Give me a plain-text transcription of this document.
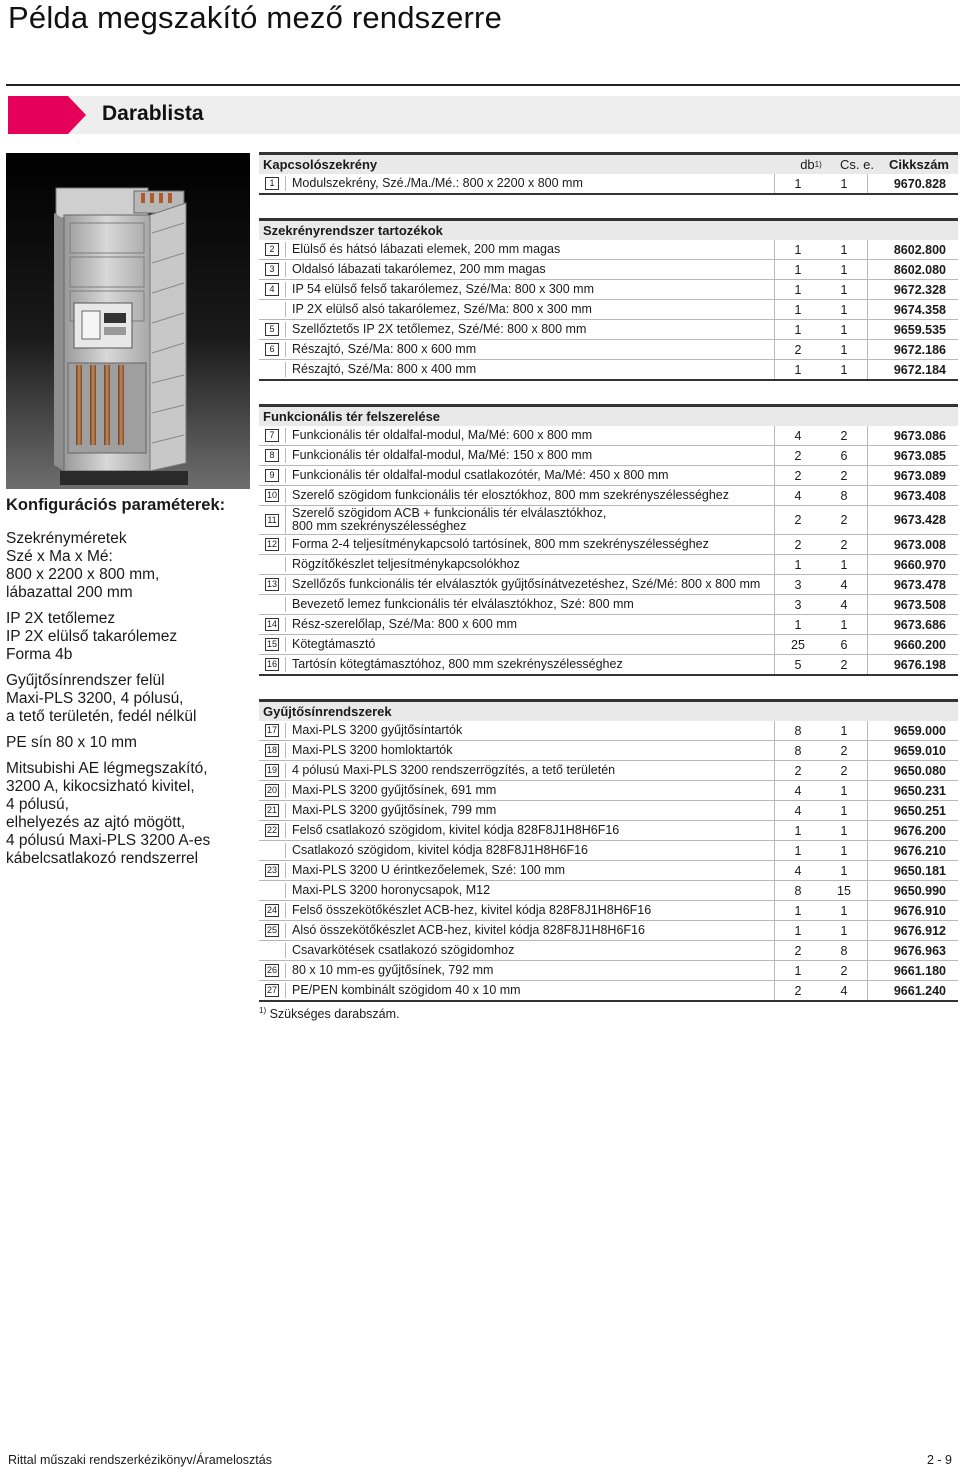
Példa megszakító mező rendszerre
Darablista
Konfigurációs paraméterek:
Szekrényméretek
Szé x Ma x Mé:
800 x 2200 x 800 mm,
lábazattal 200 mm
IP 2X tetőlemez
IP 2X elülső takarólemez
Forma 4b
Gyűjtősínrendszer felül
Maxi-PLS 3200, 4 pólusú,
a tető területén, fedél nélkül
PE sín 80 x 10 mm
Mitsubishi AE légmegszakító,
3200 A, kikocsizható kivitel,
4 pólusú,
elhelyezés az ajtó mögött,
4 pólusú Maxi-PLS 3200 A-es
kábelcsatlakozó rendszerrel
Kapcsolószekrény	db 1)	Cs. e.	Cikkszám
1	Modulszekrény, Szé./Ma./Mé.: 800 x 2200 x 800 mm	1	1	9670.828
Szekrényrendszer tartozékok
2	Elülső és hátsó lábazati elemek, 200 mm magas	1	1	8602.800
3	Oldalsó lábazati takarólemez, 200 mm magas	1	1	8602.080
4	IP 54 elülső felső takarólemez, Szé/Ma: 800 x 300 mm	1	1	9672.328
IP 2X elülső alsó takarólemez, Szé/Ma: 800 x 300 mm	1	1	9674.358
5	Szellőztetős IP 2X tetőlemez, Szé/Mé: 800 x 800 mm	1	1	9659.535
6	Részajtó, Szé/Ma: 800 x 600 mm	2	1	9672.186
Részajtó, Szé/Ma: 800 x 400 mm	1	1	9672.184
Funkcionális tér felszerelése
7	Funkcionális tér oldalfal-modul, Ma/Mé: 600 x 800 mm	4	2	9673.086
8	Funkcionális tér oldalfal-modul, Ma/Mé: 150 x 800 mm	2	6	9673.085
9	Funkcionális tér oldalfal-modul csatlakozótér, Ma/Mé: 450 x 800 mm	2	2	9673.089
10 Szerelő szögidom funkcionális tér elosztókhoz, 800 mm szekrényszélességhez	4	8	9673.408
11 Szerelő szögidom ACB + funkcionális tér elválasztókhoz,
800 mm szekrényszélességhez	2	2	9673.428
12 Forma 2-4 teljesítménykapcsoló tartósínek, 800 mm szekrényszélességhez	2	2	9673.008
Rögzítőkészlet teljesítménykapcsolókhoz	1	1	9660.970
13 Szellőzős funkcionális tér elválasztók gyűjtősínátvezetéshez, Szé/Mé: 800 x 800 mm	3	4	9673.478
Bevezető lemez funkcionális tér elválasztókhoz, Szé: 800 mm	3	4	9673.508
14 Rész-szerelőlap, Szé/Ma: 800 x 600 mm	1	1	9673.686
15 Kötegtámasztó	25	6	9660.200
16 Tartósín kötegtámasztóhoz, 800 mm szekrényszélességhez	5	2	9676.198
Gyűjtősínrendszerek
17 Maxi-PLS 3200 gyűjtősíntartók	8	1	9659.000
18 Maxi-PLS 3200 homloktartók	8	2	9659.010
19 4 pólusú Maxi-PLS 3200 rendszerrögzítés, a tető területén	2	2	9650.080
20 Maxi-PLS 3200 gyűjtősínek, 691 mm	4	1	9650.231
21 Maxi-PLS 3200 gyűjtősínek, 799 mm	4	1	9650.251
22 Felső csatlakozó szögidom, kivitel kódja 828F8J1H8H6F16	1	1	9676.200
Csatlakozó szögidom, kivitel kódja 828F8J1H8H6F16	1	1	9676.210
23 Maxi-PLS 3200 U érintkezőelemek, Szé: 100 mm	4	1	9650.181
Maxi-PLS 3200 horonycsapok, M12	8	15	9650.990
24 Felső összekötőkészlet ACB-hez, kivitel kódja 828F8J1H8H6F16	1	1	9676.910
25 Alsó összekötőkészlet ACB-hez, kivitel kódja 828F8J1H8H6F16	1	1	9676.912
Csavarkötések csatlakozó szögidomhoz	2	8	9676.963
26 80 x 10 mm-es gyűjtősínek, 792 mm	1	2	9661.180
27 PE/PEN kombinált szögidom 40 x 10 mm	2	4	9661.240
$^{1)}$ Szükséges darabszám.
Rittal műszaki rendszerkézikönyv/Áramelosztás	2 - 9
